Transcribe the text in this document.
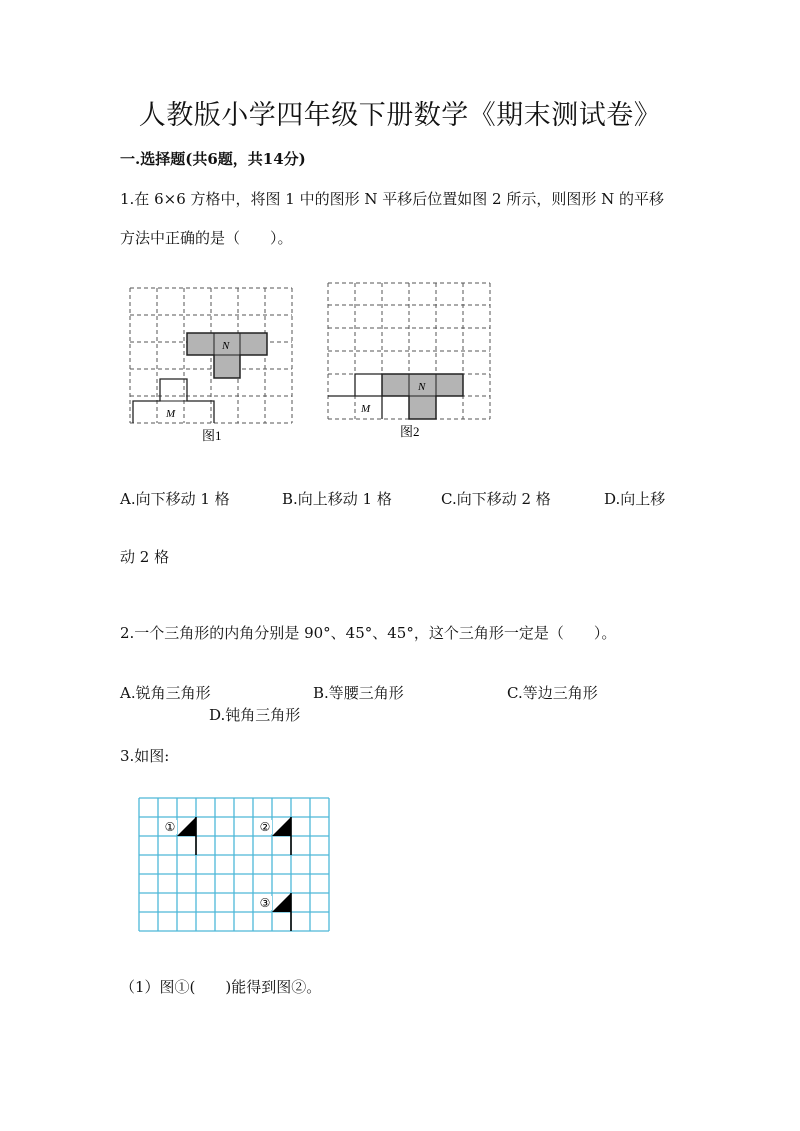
人教版小学四年级下册数学《期末测试卷》
一.选择题(共6题，共14分)
1.在 6×6 方格中，将图 1 中的图形 N 平移后位置如图 2 所示，则图形 N 的平移
方法中正确的是（　　）。
N
M
图1
N
M
图2
A.向下移动 1 格	B.向上移动 1 格	C.向下移动 2 格	D.向上移
动 2 格
2.一个三角形的内角分别是 90°、45°、45°，这个三角形一定是（　　）。
A.锐角三角形	B.等腰三角形	C.等边三角形
D.钝角三角形
3.如图:
①	②
③
（1）图①(　　)能得到图②。
